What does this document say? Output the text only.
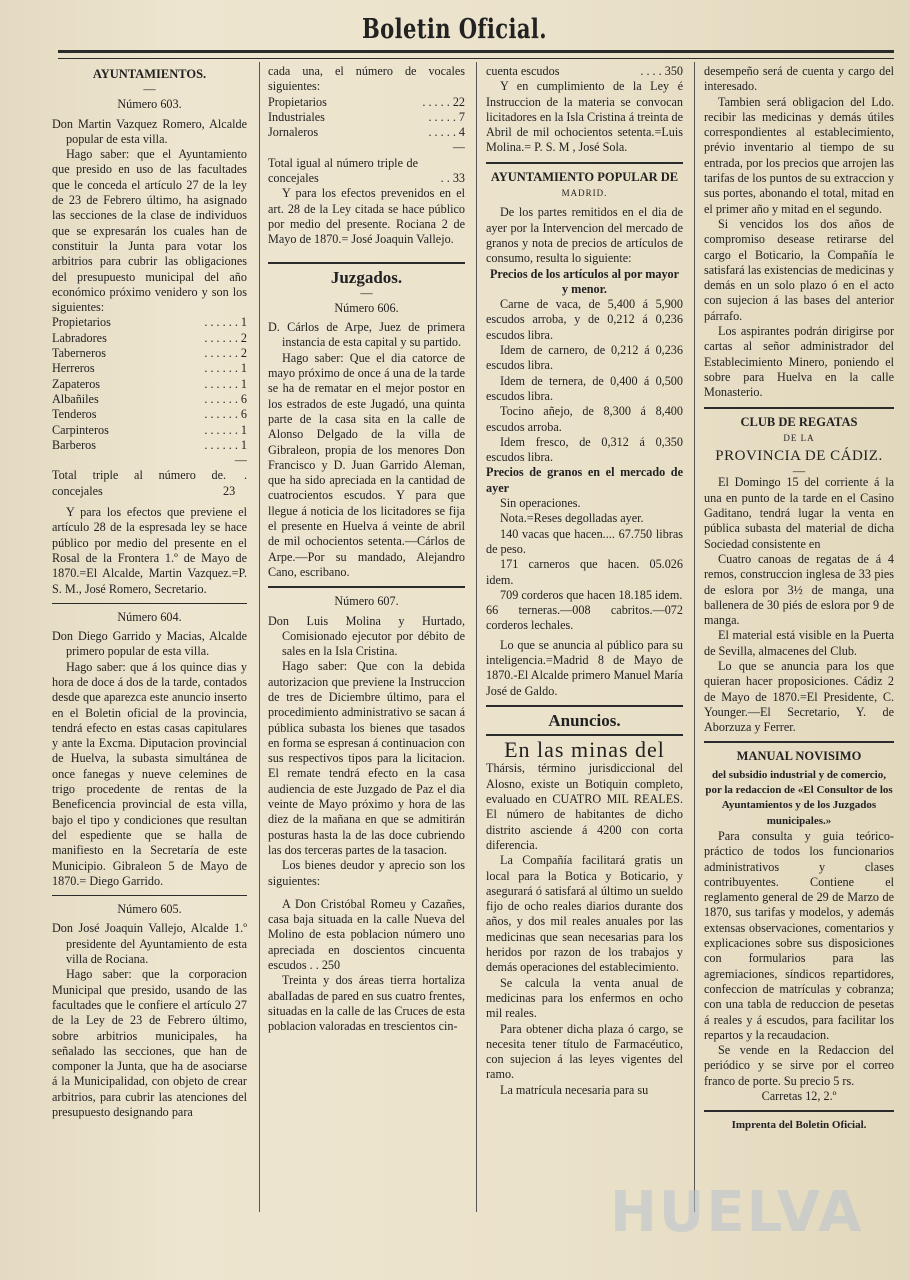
Boletin Oficial.
AYUNTAMIENTOS.
—
Número 603.

Don Martin Vazquez Romero, Alcalde popular de esta villa.

Hago saber: que el Ayuntamiento que presido en uso de las facultades que le conceda el artículo 27 de la ley de 23 de Febrero último, ha asignado las secciones de la clase de individuos que se expresarán los cuales han de constituir la Junta para votar los arbitrios para cubrir las obligaciones del presupuesto municipal del año económico próximo venidero y son los siguientes:

Propietarios	. . . . . . 1
Labradores	. . . . . . 2
Taberneros	. . . . . . 2
Herreros	. . . . . . 1
Zapateros	. . . . . . 1
Albañiles	. . . . . . 6
Tenderos	. . . . . . 6
Carpinteros	. . . . . . 1
Barberos	. . . . . . 1
—
Total triple al número de concejales
. . 23

Y para los efectos que previene el artículo 28 de la espresada ley se hace público por medio del presente en el Rosal de la Frontera 1.º de Mayo de 1870.=El Alcalde, Martin Vazquez.=P. S. M., José Romero, Secretario.

Número 604.

Don Diego Garrido y Macias, Alcalde primero popular de esta villa.

Hago saber: que á los quince dias y hora de doce á dos de la tarde, contados desde que aparezca este anuncio inserto en el Boletin oficial de la provincia, tendrá efecto en estas casas capitulares y ante la Excma. Diputacion provincial de Huelva, la subasta simultánea de once fanegas y nueve celemines de trigo procedente de rentas de la Beneficencia provincial de esta villa, bajo el tipo y condiciones que resultan del espediente que se halla de manifiesto en la Secretaría de este Municipio. Gibraleon 5 de Mayo de 1870.= Diego Garrido.

Número 605.

Don José Joaquin Vallejo, Alcalde 1.º presidente del Ayuntamiento de esta villa de Rociana.

Hago saber: que la corporacion Municipal que presido, usando de las facultades que le confiere el artículo 27 de la Ley de 23 de Febrero último, sobre arbitrios municipales, ha señalado las secciones, que han de componer la Junta, que ha de asociarse á la Municipalidad, con objeto de crear arbitrios, para cubrir las atenciones del presupuesto designando para

cada una, el número de vocales siguientes:

Propietarios	. . . . . 22
Industriales	. . . . . 7
Jornaleros	. . . . . 4
—
Total igual al número triple de concejales	. . 33

Y para los efectos prevenidos en el art. 28 de la Ley citada se hace público por medio del presente. Rociana 2 de Mayo de 1870.= José Joaquin Vallejo.

Juzgados.
—
Número 606.

D. Cárlos de Arpe, Juez de primera instancia de esta capital y su partido.

Hago saber: Que el dia catorce de mayo próximo de once á una de la tarde se ha de rematar en el mejor postor en los estrados de este Jugadó, una quinta parte de la casa sita en la calle de Alonso Delgado de la villa de Gibraleon, propia de los menores Don Francisco y D. Juan Garrido Aleman, que ha sido apreciada en la cantidad de cuatrocientos escudos. Y para que llegue á noticia de los licitadores se fija el presente en Huelva á veinte de abril de mil ochocientos setenta.—Cárlos de Arpe.—Por su mandado, Alejandro Cano, escribano.

Número 607.

Don Luis Molina y Hurtado, Comisionado ejecutor por débito de sales en la Isla Cristina.

Hago saber: Que con la debida autorizacion que previene la Instruccion de tres de Diciembre último, para el procedimiento administrativo se sacan á pública subasta los bienes que tasados en forma se espresan á continuacion con sus respectivos tipos para la licitacion. El remate tendrá efecto en la casa audiencia de este Juzgado de Paz el dia veinte de Mayo próximo y hora de las diez de la mañana en que se admitirán posturas hasta la de las doce cubriendo las dos terceras partes de la tasacion.

Los bienes deudor y aprecio son los siguientes:

A Don Cristóbal Romeu y Cazañes, casa baja situada en la calle Nueva del Molino de esta poblacion número uno apreciada en doscientos cincuenta escudos . . 250

Treinta y dos áreas tierra hortaliza abalIadas de pared en sus cuatro frentes, situadas en la calle de las Cruces de esta poblacion valoradas en trescientos cin-

cuenta escudos	. . . . 350

Y en cumplimiento de la Ley é Instruccion de la materia se convocan licitadores en la Isla Cristina á treinta de Abril de mil ochocientos setenta.=Luis Molina.= P. S. M , José Sola.

AYUNTAMIENTO POPULAR DE
MADRID.

De los partes remitidos en el dia de ayer por la Intervencion del mercado de granos y nota de precios de artículos de consumo, resulta lo siguiente:

Precios de los artículos al por mayor y menor.

Carne de vaca, de 5,400 á 5,900 escudos arroba, y de 0,212 á 0,236 escudos libra.

Idem de carnero, de 0,212 á 0,236 escudos libra.

Idem de ternera, de 0,400 á 0,500 escudos libra.

Tocino añejo, de 8,300 á 8,400 escudos arroba.

Idem fresco, de 0,312 á 0,350 escudos libra.

Precios de granos en el mercado de ayer

Sin operaciones.

Nota.=Reses degolladas ayer.

140 vacas que hacen.... 67.750 libras de peso.

171 carneros que hacen. 05.026 idem.

709 corderos que hacen 18.185 idem.

66 terneras.—008 cabritos.—072 corderos lechales.

Lo que se anuncia al público para su inteligencia.=Madrid 8 de Mayo de 1870.-El Alcalde primero Manuel María José de Galdo.

Anuncios.
En las minas del

Thársis, término jurisdiccional del Alosno, existe un Botiquin completo, evaluado en CUATRO MIL REALES. El número de habitantes de dicho distrito asciende á 4200 con corta diferencia.

La Compañía facilitará gratis un local para la Botica y Boticario, y asegurará ó satisfará al último un sueldo fijo de ocho reales diarios durante dos años, y dos mil reales anuales por las medicinas que sean necesarias para los heridos por razon de los trabajos y demás operaciones del establecimiento.

Se calcula la venta anual de medicinas para los enfermos en ocho mil reales.

Para obtener dicha plaza ó cargo, se necesita tener título de Farmacéutico, con sujecion á las leyes vigentes del ramo.

La matrícula necesaria para su

desempeño será de cuenta y cargo del interesado.

Tambien será obligacion del Ldo. recibir las medicinas y demás útiles correspondientes al establecimiento, prévio inventario al tiempo de su entrada, por los precios que arrojen las tarifas de los puntos de su extraccion y sus portes, abonando el total, mitad en el primer año y mitad en el segundo.

Si vencidos los dos años de compromiso desease retirarse del cargo el Boticario, la Compañía le satisfará las existencias de medicinas y demás en un solo plazo ó en el acto con sujecion á las bases del anterior párrafo.

Los aspirantes podrán dirigirse por cartas al señor administrador del Establecimiento Minero, poniendo el sobre para Huelva en la calle Monasterio.

CLUB DE REGATAS
DE LA
PROVINCIA DE CÁDIZ.
—

El Domingo 15 del corriente á la una en punto de la tarde en el Casino Gaditano, tendrá lugar la venta en pública subasta del material de dicha Sociedad consistente en

Cuatro canoas de regatas de á 4 remos, construccion inglesa de 33 pies de eslora por 3½ de manga, una ballenera de 30 piés de eslora por 9 de manga.

El material está visible en la Puerta de Sevilla, almacenes del Club.

Lo que se anuncia para los que quieran hacer proposiciones. Cádiz 2 de Mayo de 1870.=El Presidente, C. Younger.—El Secretario, Y. de Aborzuza y Ferrer.

MANUAL NOVISIMO

del subsidio industrial y de comercio, por la redaccion de «El Consultor de los Ayuntamientos y de los Juzgados municipales.»

Para consulta y guia teórico-práctico de todos los funcionarios administrativos y clases contribuyentes. Contiene el reglamento general de 29 de Marzo de 1870, sus tarifas y modelos, y además extensas observaciones, comentarios y explicaciones sobre sus disposiciones con formularios para las agremiaciones, síndicos repartidores, confeccion de matrículas y cobranza; con una tabla de reduccion de pesetas á reales y á escudos, para facilitar los repartos y la recaudacion.

Se vende en la Redaccion del periódico y se sirve por el correo franco de porte. Su precio 5 rs.

Carretas 12, 2.º

Imprenta del Boletin Oficial.

HUELVA
